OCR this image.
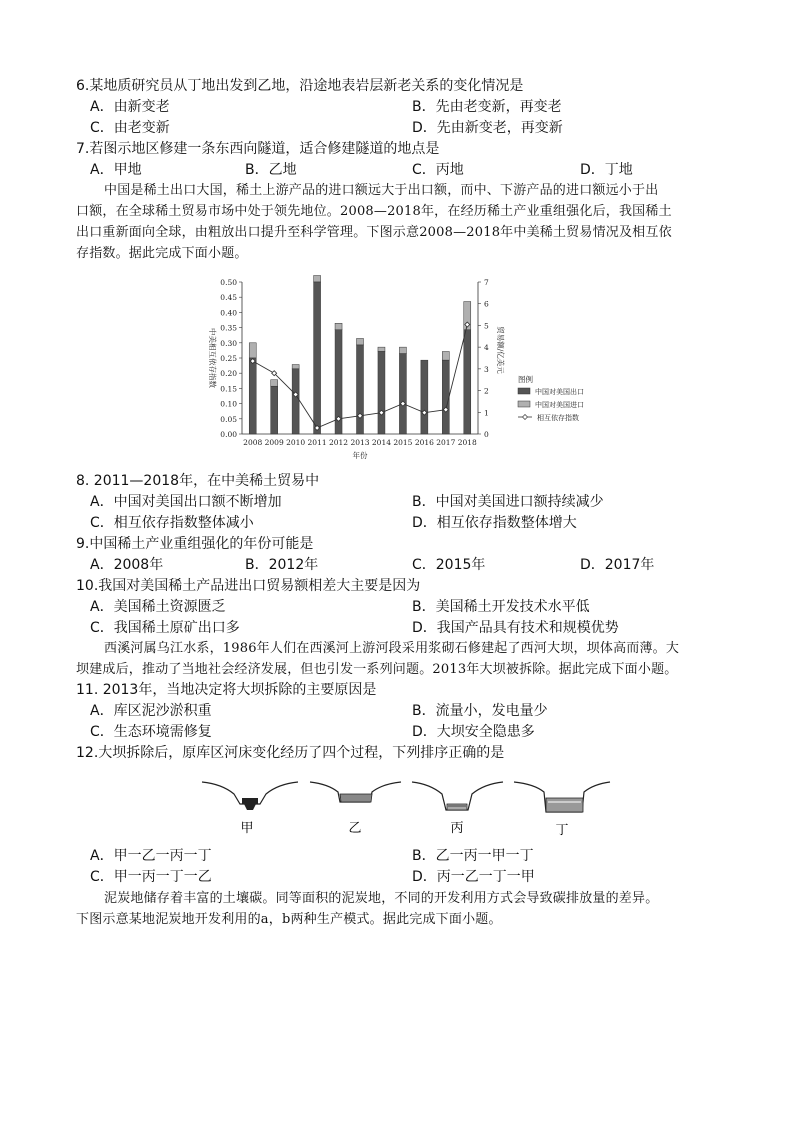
6.某地质研究员从丁地出发到乙地，沿途地表岩层新老关系的变化情况是
A．由新变老	B．先由老变新，再变老
C．由老变新	D．先由新变老，再变新
7.若图示地区修建一条东西向隧道，适合修建隧道的地点是
A．甲地	B．乙地	C．丙地	D．丁地
中国是稀土出口大国，稀土上游产品的进口额远大于出口额，而中、下游产品的进口额远小于出
口额，在全球稀土贸易市场中处于领先地位。2008—2018年，在经历稀土产业重组强化后，我国稀土
出口重新面向全球，由粗放出口提升至科学管理。下图示意2008—2018年中美稀土贸易情况及相互依
存指数。据此完成下面小题。
0.00
0.05
0.10
0.15
0.20
0.25
0.30
0.35
0.40
0.45
0.50
0
1
2
3
4
5
6
7
2008 2009 2010 2011 2012 2013 2014 2015 2016 2017 2018
中美相互依存指数	贸易额/亿美元
年份
图例
中国对美国出口
中国对美国进口
相互依存指数
8. 2011—2018年，在中美稀土贸易中
A．中国对美国出口额不断增加	B．中国对美国进口额持续减少
C．相互依存指数整体减小	D．相互依存指数整体增大
9.中国稀土产业重组强化的年份可能是
A．2008年	B．2012年	C．2015年	D．2017年
10.我国对美国稀土产品进出口贸易额相差大主要是因为
A．美国稀土资源匮乏	B．美国稀土开发技术水平低
C．我国稀土原矿出口多	D．我国产品具有技术和规模优势
西溪河属乌江水系，1986年人们在西溪河上游河段采用浆砌石修建起了西河大坝，坝体高而薄。大
坝建成后，推动了当地社会经济发展，但也引发一系列问题。2013年大坝被拆除。据此完成下面小题。
11. 2013年，当地决定将大坝拆除的主要原因是
A．库区泥沙淤积重	B．流量小，发电量少
C．生态环境需修复	D．大坝安全隐患多
12.大坝拆除后，原库区河床变化经历了四个过程，下列排序正确的是
甲	乙	丙	丁
A．甲一乙一丙一丁	B．乙一丙一甲一丁
C．甲一丙一丁一乙	D．丙一乙一丁一甲
泥炭地储存着丰富的土壤碳。同等面积的泥炭地，不同的开发利用方式会导致碳排放量的差异。
下图示意某地泥炭地开发利用的a，b两种生产模式。据此完成下面小题。
